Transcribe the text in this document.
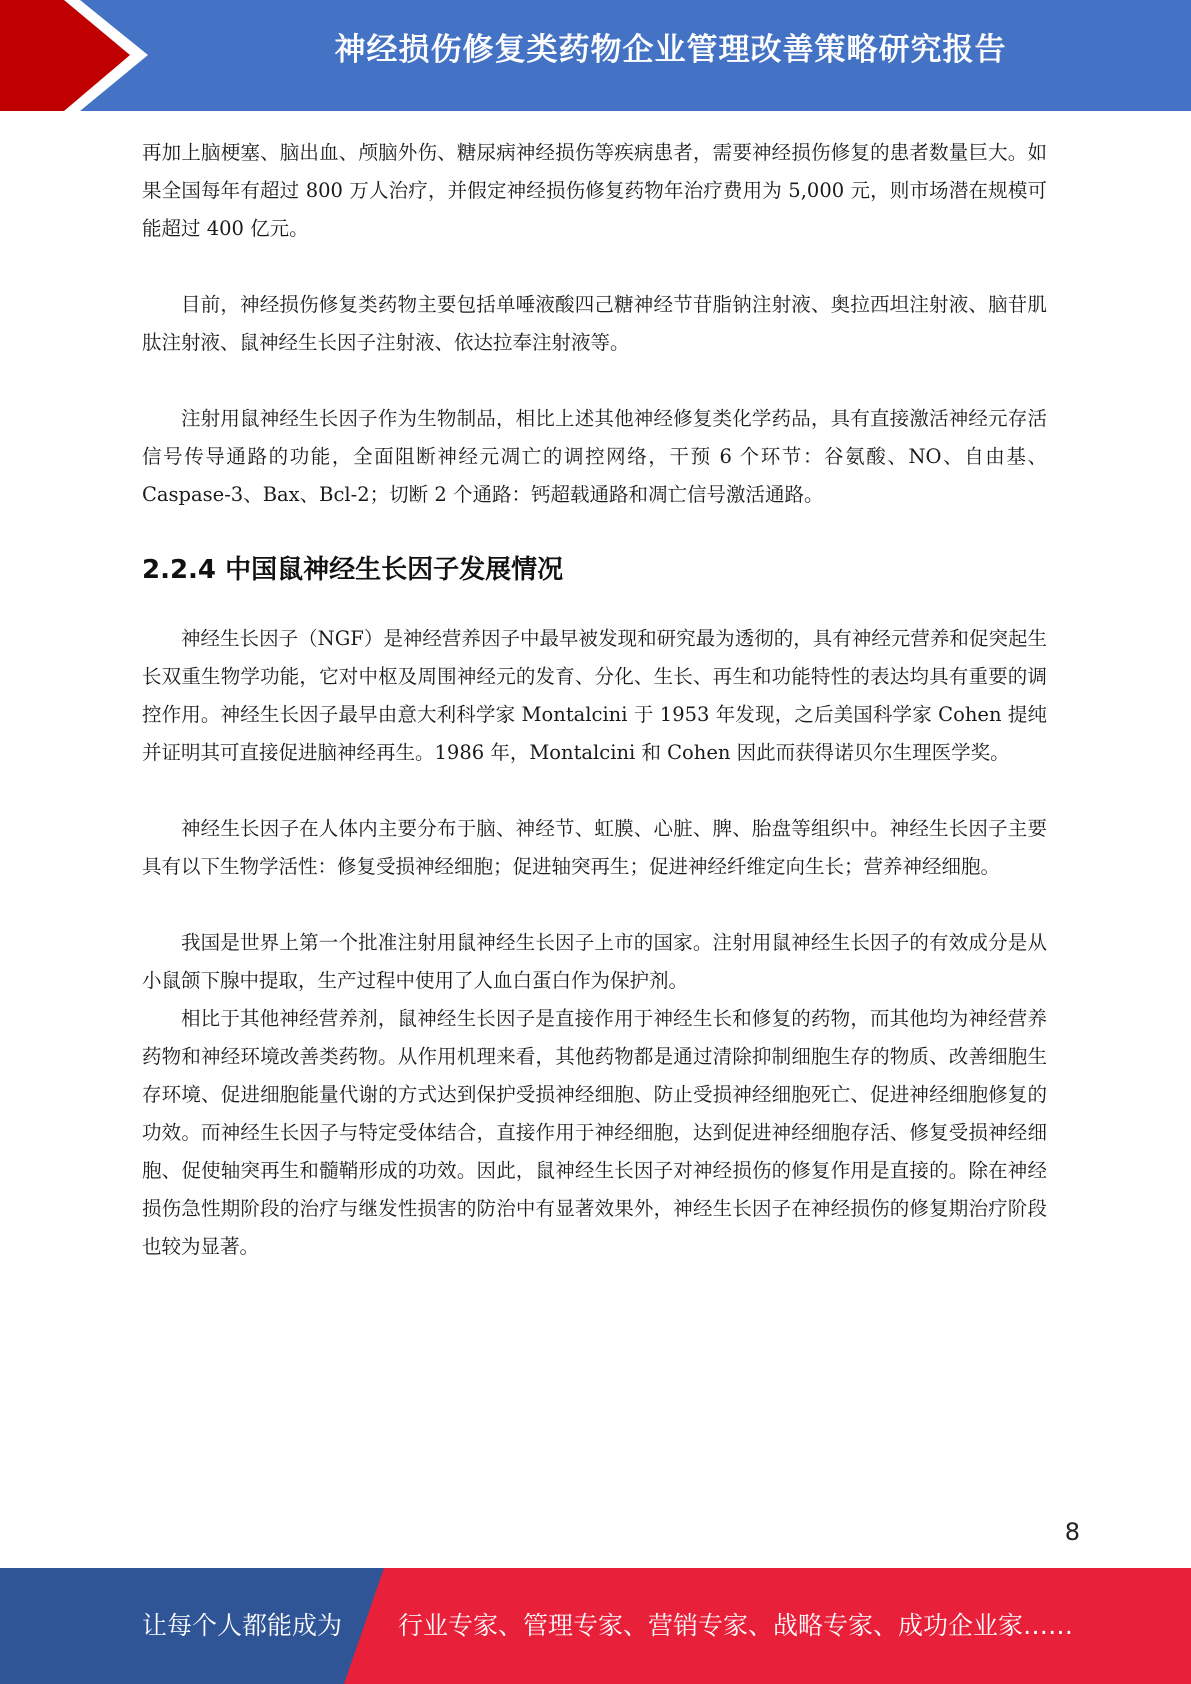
神经损伤修复类药物企业管理改善策略研究报告

再加上脑梗塞、脑出血、颅脑外伤、糖尿病神经损伤等疾病患者，需要神经损伤修复的患者数量巨大。如果全国每年有超过 800 万人治疗，并假定神经损伤修复药物年治疗费用为 5,000 元，则市场潜在规模可能超过 400 亿元。

目前，神经损伤修复类药物主要包括单唾液酸四己糖神经节苷脂钠注射液、奥拉西坦注射液、脑苷肌肽注射液、鼠神经生长因子注射液、依达拉奉注射液等。

注射用鼠神经生长因子作为生物制品，相比上述其他神经修复类化学药品，具有直接激活神经元存活信号传导通路的功能，全面阻断神经元凋亡的调控网络，干预 6 个环节：谷氨酸、NO、自由基、Caspase-3、Bax、Bcl-2；切断 2 个通路：钙超载通路和凋亡信号激活通路。

2.2.4 中国鼠神经生长因子发展情况

神经生长因子（NGF）是神经营养因子中最早被发现和研究最为透彻的，具有神经元营养和促突起生长双重生物学功能，它对中枢及周围神经元的发育、分化、生长、再生和功能特性的表达均具有重要的调控作用。神经生长因子最早由意大利科学家 Montalcini 于 1953 年发现，之后美国科学家 Cohen 提纯并证明其可直接促进脑神经再生。1986 年，Montalcini 和 Cohen 因此而获得诺贝尔生理医学奖。

神经生长因子在人体内主要分布于脑、神经节、虹膜、心脏、脾、胎盘等组织中。神经生长因子主要具有以下生物学活性：修复受损神经细胞；促进轴突再生；促进神经纤维定向生长；营养神经细胞。

我国是世界上第一个批准注射用鼠神经生长因子上市的国家。注射用鼠神经生长因子的有效成分是从小鼠颌下腺中提取，生产过程中使用了人血白蛋白作为保护剂。

相比于其他神经营养剂，鼠神经生长因子是直接作用于神经生长和修复的药物，而其他均为神经营养药物和神经环境改善类药物。从作用机理来看，其他药物都是通过清除抑制细胞生存的物质、改善细胞生存环境、促进细胞能量代谢的方式达到保护受损神经细胞、防止受损神经细胞死亡、促进神经细胞修复的功效。而神经生长因子与特定受体结合，直接作用于神经细胞，达到促进神经细胞存活、修复受损神经细胞、促使轴突再生和髓鞘形成的功效。因此，鼠神经生长因子对神经损伤的修复作用是直接的。除在神经损伤急性期阶段的治疗与继发性损害的防治中有显著效果外，神经生长因子在神经损伤的修复期治疗阶段也较为显著。

8
让每个人都能成为 行业专家、管理专家、营销专家、战略专家、成功企业家……
